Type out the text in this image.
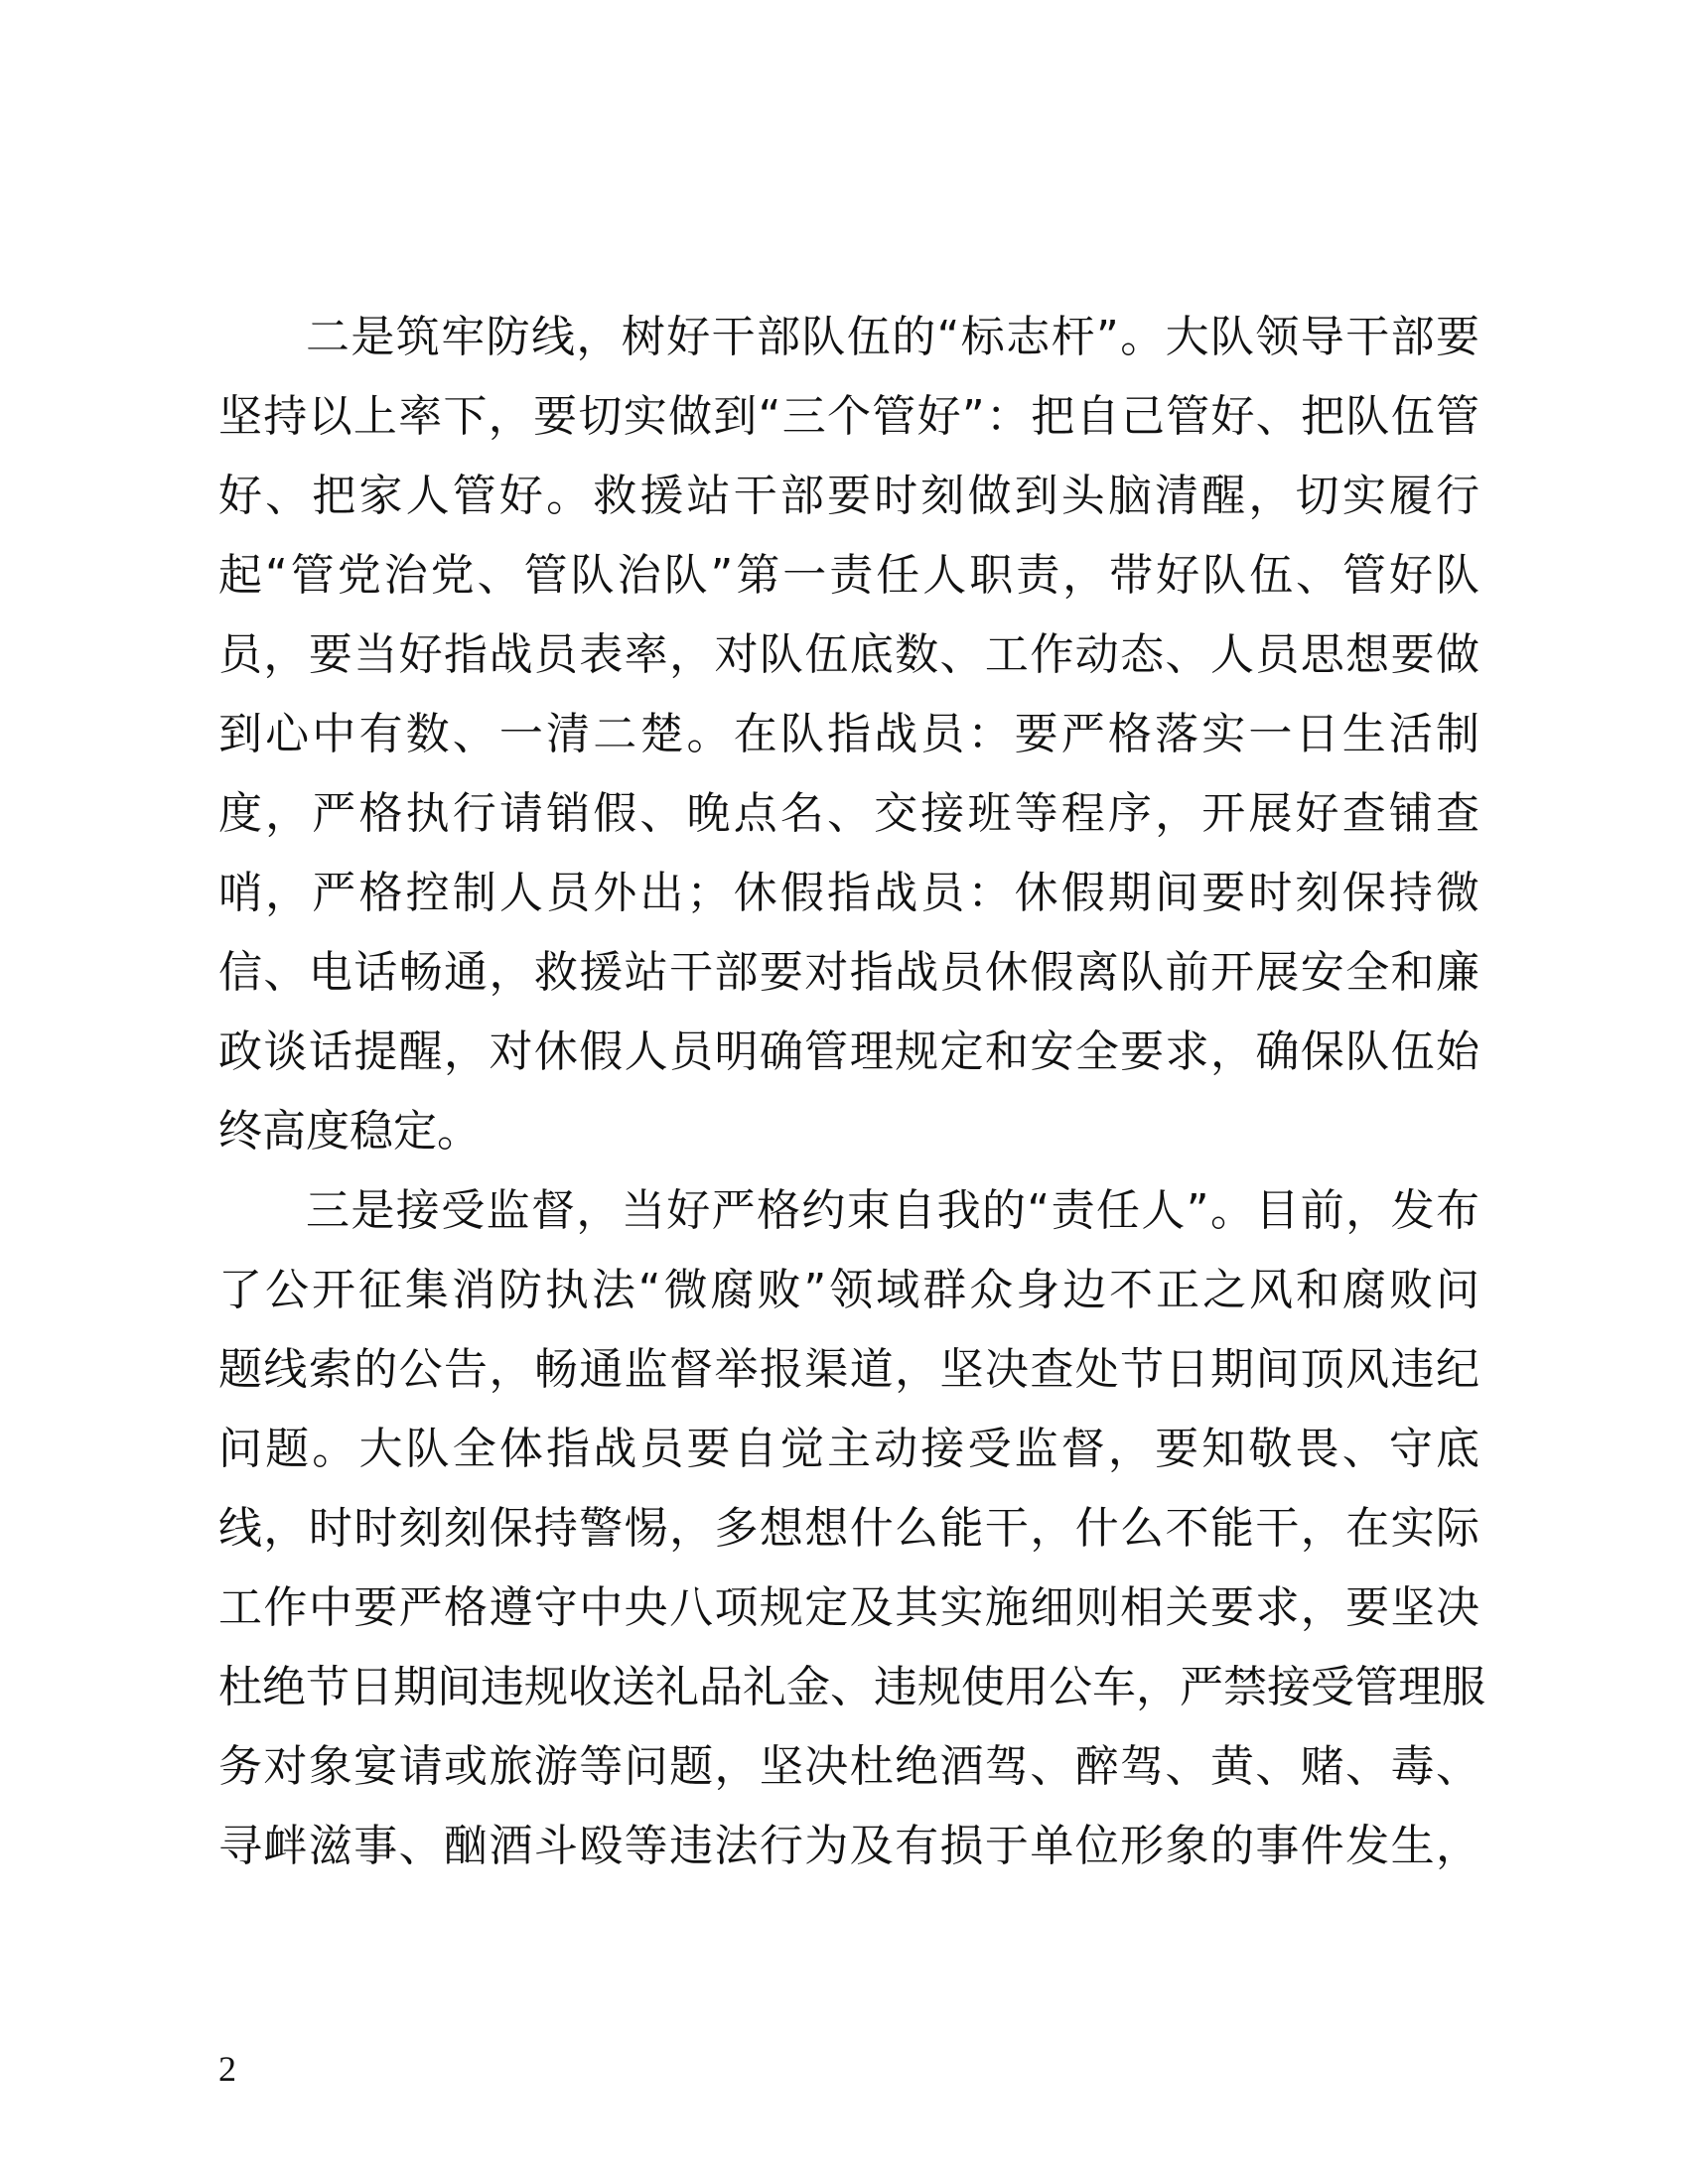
二是筑牢防线，树好干部队伍的“标志杆”。大队领导干部要
坚持以上率下，要切实做到“三个管好”：把自己管好、把队伍管
好、把家人管好。救援站干部要时刻做到头脑清醒，切实履行
起“管党治党、管队治队”第一责任人职责，带好队伍、管好队
员，要当好指战员表率，对队伍底数、工作动态、人员思想要做
到心中有数、一清二楚。在队指战员：要严格落实一日生活制
度，严格执行请销假、晚点名、交接班等程序，开展好查铺查
哨，严格控制人员外出；休假指战员：休假期间要时刻保持微
信、电话畅通，救援站干部要对指战员休假离队前开展安全和廉
政谈话提醒，对休假人员明确管理规定和安全要求，确保队伍始
终高度稳定。
三是接受监督，当好严格约束自我的“责任人”。目前，发布
了公开征集消防执法“微腐败”领域群众身边不正之风和腐败问
题线索的公告，畅通监督举报渠道，坚决查处节日期间顶风违纪
问题。大队全体指战员要自觉主动接受监督，要知敬畏、守底
线，时时刻刻保持警惕，多想想什么能干，什么不能干，在实际
工作中要严格遵守中央八项规定及其实施细则相关要求，要坚决
杜绝节日期间违规收送礼品礼金、违规使用公车，严禁接受管理服
务对象宴请或旅游等问题，坚决杜绝酒驾、醉驾、黄、赌、毒、
寻衅滋事、酗酒斗殴等违法行为及有损于单位形象的事件发生，
2
